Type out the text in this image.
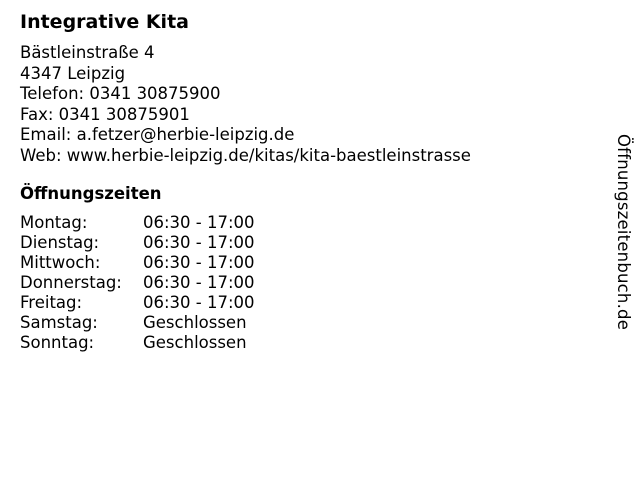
Integrative Kita
Bästleinstraße 4
4347 Leipzig
Telefon: 0341 30875900
Fax: 0341 30875901
Email: a.fetzer@herbie-leipzig.de
Web: www.herbie-leipzig.de/kitas/kita-baestleinstrasse
Öffnungszeiten
Montag:	06:30 - 17:00
Dienstag:	06:30 - 17:00
Mittwoch:	06:30 - 17:00
Donnerstag: 06:30 - 17:00
Freitag:	06:30 - 17:00
Samstag:	Geschlossen
Sonntag:	Geschlossen
Öffnungszeitenbuch.de
